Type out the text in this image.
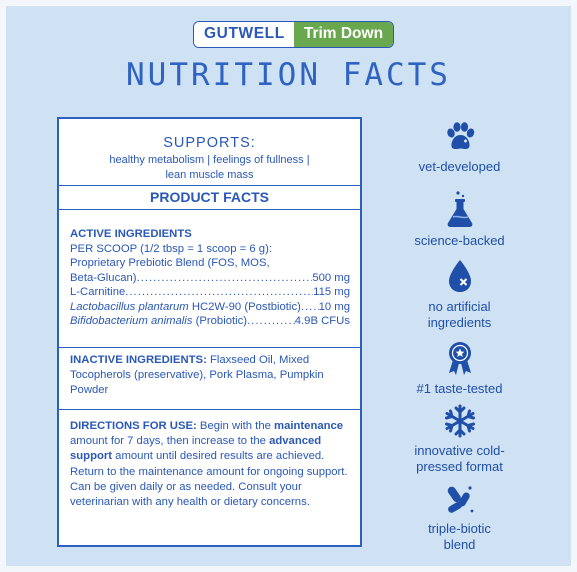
GUTWELL	Trim Down
NUTRITION FACTS
SUPPORTS:
healthy metabolism | feelings of fullness |
lean muscle mass
PRODUCT FACTS
ACTIVE INGREDIENTS
PER SCOOP (1/2 tbsp = 1 scoop = 6 g):
Proprietary Prebiotic Blend (FOS, MOS,
Beta-Glucan) .....	500 mg
L-Carnitine .....	115 mg
Lactobacillus plantarum HC2W-90 (Postbiotic) ..... 10 mg
Bifidobacterium animalis (Probiotic) .....	4.9B CFUs
INACTIVE INGREDIENTS: Flaxseed Oil, Mixed Tocopherols (preservative), Pork Plasma, Pumpkin Powder
DIRECTIONS FOR USE: Begin with the maintenance amount for 7 days, then increase to the advanced support amount until desired results are achieved. Return to the maintenance amount for ongoing support. Can be given daily or as needed. Consult your veterinarian with any health or dietary concerns.
vet-developed
science-backed
no artificial
ingredients
#1 taste-tested
innovative cold-
pressed format
triple-biotic
blend
